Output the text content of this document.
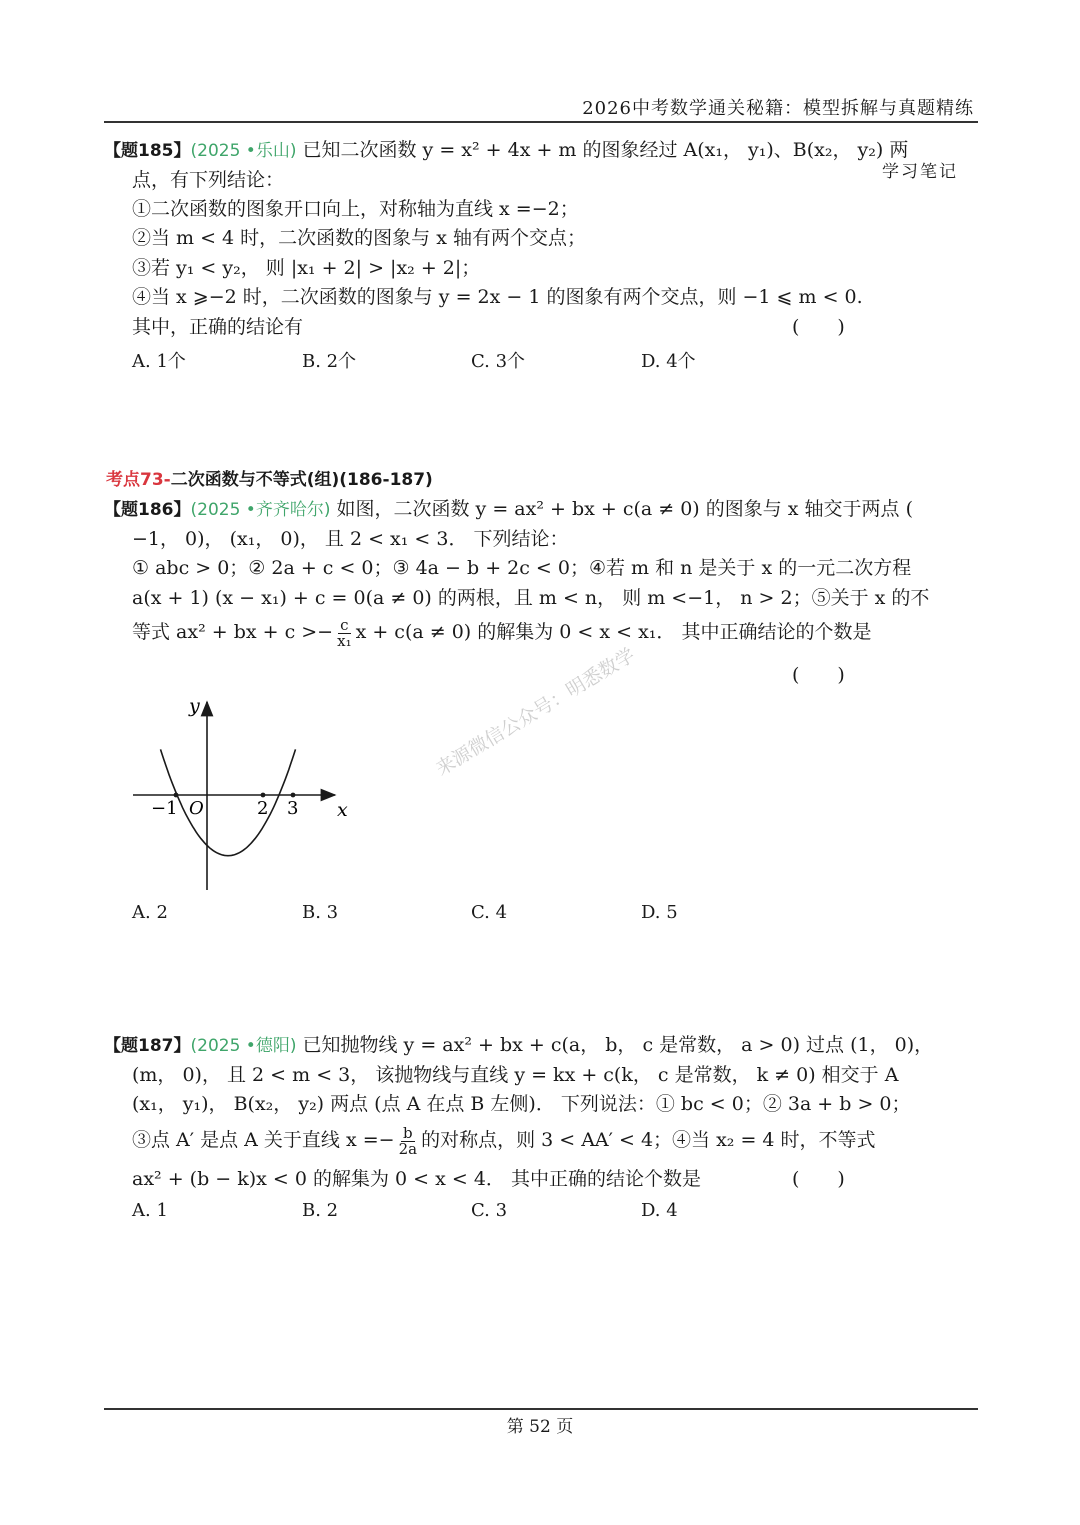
2026中考数学通关秘籍：模型拆解与真题精练
学习笔记
【题185】(2025 •乐山) 已知二次函数 y = x² + 4x + m 的图象经过 A(x₁， y₁)、B(x₂， y₂) 两
点，有下列结论：
①二次函数的图象开口向上，对称轴为直线 x =−2；
②当 m < 4 时，二次函数的图象与 x 轴有两个交点；
③若 y₁ < y₂， 则 |x₁ + 2| > |x₂ + 2|；
④当 x ⩾−2 时，二次函数的图象与 y = 2x − 1 的图象有两个交点，则 −1 ⩽ m < 0.
其中，正确的结论有	(　　)
A. 1个	B. 2个	C. 3个	D. 4个
考点73-二次函数与不等式(组)(186-187)
【题186】(2025 •齐齐哈尔) 如图，二次函数 y = ax² + bx + c(a ≠ 0) 的图象与 x 轴交于两点 (
−1， 0)， (x₁， 0)， 且 2 < x₁ < 3． 下列结论：
① abc > 0；② 2a + c < 0；③ 4a − b + 2c < 0；④若 m 和 n 是关于 x 的一元二次方程
a(x + 1) (x − x₁) + c = 0(a ≠ 0) 的两根，且 m < n， 则 m <−1， n > 2；⑤关于 x 的不
等式 ax² + bx + $c >- \frac{c}{\text{x₁}}$ x + c(a ≠ 0) 的解集为 0 < x < x₁． 其中正确结论的个数是
(　　)
y
x
O
−1	2 3
来源微信公众号：明悉数学
A. 2	B. 3	C. 4	D. 5
【题187】(2025 •德阳) 已知抛物线 y = ax² + bx + c(a， b， c 是常数， a > 0) 过点 (1， 0)，
(m， 0)， 且 2 < m < 3， 该抛物线与直线 y = kx + c(k， c 是常数， k ≠ 0) 相交于 A
(x₁， y₁)， B(x₂， y₂) 两点 (点 A 在点 B 左侧)． 下列说法：① bc < 0；② 3a + b > 0；
③点 A′ 是点 A 关于直线 $x =- \frac{b}{2a}$ 的对称点，则 3 < AA′ < 4；④当 x₂ = 4 时，不等式
ax² + (b − k)x < 0 的解集为 0 < x < 4． 其中正确的结论个数是	(　　)
A. 1	B. 2	C. 3	D. 4
第 52 页
